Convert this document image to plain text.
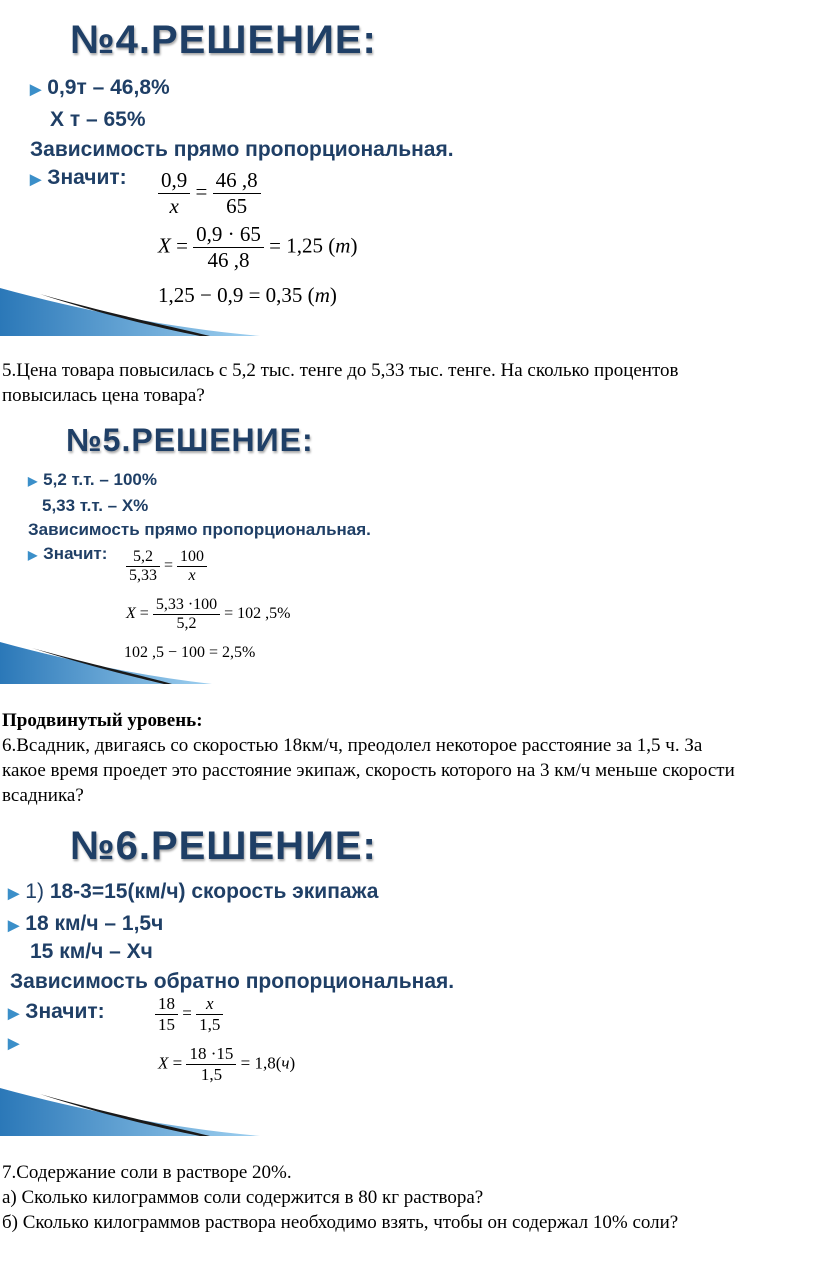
№4.РЕШЕНИЕ:
▶ 0,9т – 46,8%
Х т – 65%
Зависимость прямо пропорциональная.
▶ Значит: $\frac{0,9}{x} = \frac{46 ,8}{65}$
$X = \frac{0,9 \cdot 65}{46 ,8} = 1,25$ (т)
1,25 − 0,9 = 0,35 (т)

5.Цена товара повысилась с 5,2 тыс. тенге до 5,33 тыс. тенге. На сколько процентов

повысилась цена товара?

№5.РЕШЕНИЕ:
▶ 5,2 т.т. – 100%
5,33 т.т. – Х%
Зависимость прямо пропорциональная.
▶ Значит: $\frac{5,2}{5,33} = \frac{100}{x}$
$X = \frac{5,33 \cdot 100}{5,2} = 102$ ,5%
102 ,5 − 100 = 2,5%

Продвинутый уровень:

6.Всадник, двигаясь со скоростью 18км/ч, преодолел некоторое расстояние за 1,5 ч. За

какое время проедет это расстояние экипаж, скорость которого на 3 км/ч меньше скорости

всадника?

№6.РЕШЕНИЕ:
▶ 1) 18-3=15(км/ч) скорость экипажа
▶ 18 км/ч – 1,5ч
15 км/ч – Хч
Зависимость обратно пропорциональная.
▶ Значит:
▶
$\frac{18}{15} = \frac{x}{1,5}$
$X = \frac{18 \cdot 15}{1,5} = 1,8(ч)$

7.Содержание соли в растворе 20%.

а) Сколько килограммов соли содержится в 80 кг раствора?

б) Сколько килограммов раствора необходимо взять, чтобы он содержал 10% соли?
